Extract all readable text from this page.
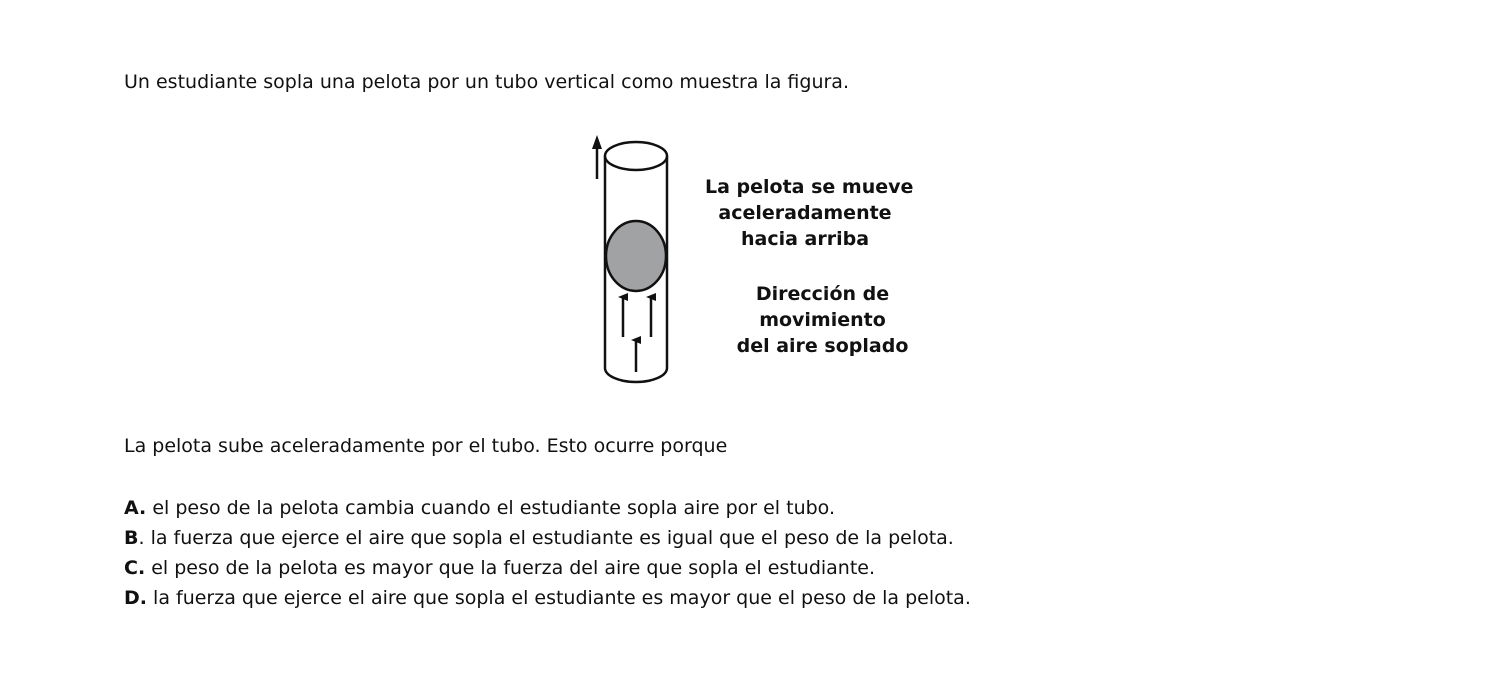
Un estudiante sopla una pelota por un tubo vertical como muestra la figura.

La pelota se mueve
aceleradamente
hacia arriba
Dirección de
movimiento
del aire soplado

La pelota sube aceleradamente por el tubo. Esto ocurre porque

A. el peso de la pelota cambia cuando el estudiante sopla aire por el tubo.
B. la fuerza que ejerce el aire que sopla el estudiante es igual que el peso de la pelota.
C. el peso de la pelota es mayor que la fuerza del aire que sopla el estudiante.
D. la fuerza que ejerce el aire que sopla el estudiante es mayor que el peso de la pelota.
